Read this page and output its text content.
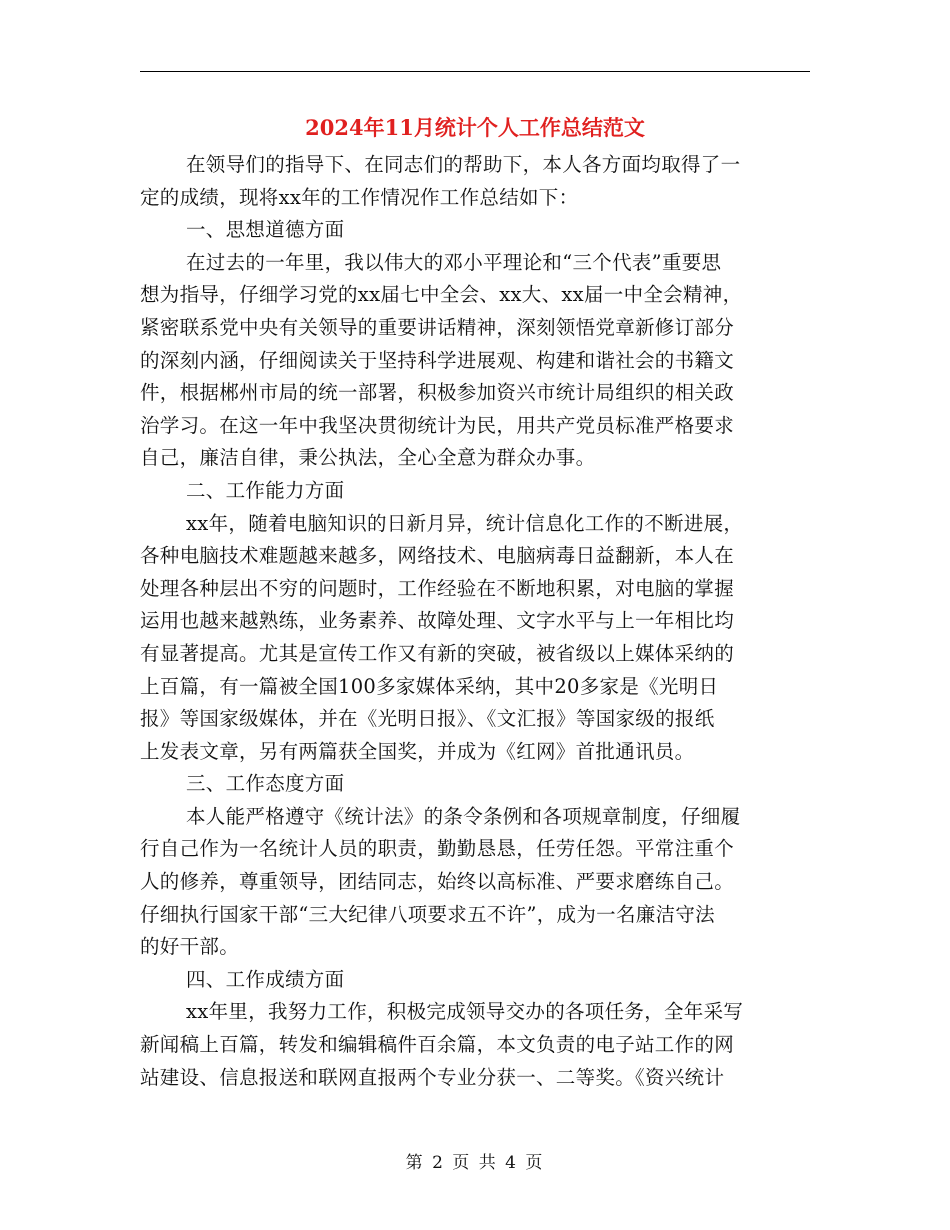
2024年11月统计个人工作总结范文
在领导们的指导下、在同志们的帮助下，本人各方面均取得了一
定的成绩，现将xx年的工作情况作工作总结如下：
一、思想道德方面
在过去的一年里，我以伟大的邓小平理论和“三个代表”重要思
想为指导，仔细学习党的xx届七中全会、xx大、xx届一中全会精神，
紧密联系党中央有关领导的重要讲话精神，深刻领悟党章新修订部分
的深刻内涵，仔细阅读关于坚持科学进展观、构建和谐社会的书籍文
件，根据郴州市局的统一部署，积极参加资兴市统计局组织的相关政
治学习。在这一年中我坚决贯彻统计为民，用共产党员标准严格要求
自己，廉洁自律，秉公执法，全心全意为群众办事。
二、工作能力方面
xx年，随着电脑知识的日新月异，统计信息化工作的不断进展，
各种电脑技术难题越来越多，网络技术、电脑病毒日益翻新，本人在
处理各种层出不穷的问题时，工作经验在不断地积累，对电脑的掌握
运用也越来越熟练，业务素养、故障处理、文字水平与上一年相比均
有显著提高。尤其是宣传工作又有新的突破，被省级以上媒体采纳的
上百篇，有一篇被全国100多家媒体采纳，其中20多家是《光明日
报》等国家级媒体，并在《光明日报》、《文汇报》等国家级的报纸
上发表文章，另有两篇获全国奖，并成为《红网》首批通讯员。
三、工作态度方面
本人能严格遵守《统计法》的条令条例和各项规章制度，仔细履
行自己作为一名统计人员的职责，勤勤恳恳，任劳任怨。平常注重个
人的修养，尊重领导，团结同志，始终以高标准、严要求磨练自己。
仔细执行国家干部“三大纪律八项要求五不许”，成为一名廉洁守法
的好干部。
四、工作成绩方面
xx年里，我努力工作，积极完成领导交办的各项任务，全年采写
新闻稿上百篇，转发和编辑稿件百余篇，本文负责的电子站工作的网
站建设、信息报送和联网直报两个专业分获一、二等奖。《资兴统计
第 2 页 共 4 页
